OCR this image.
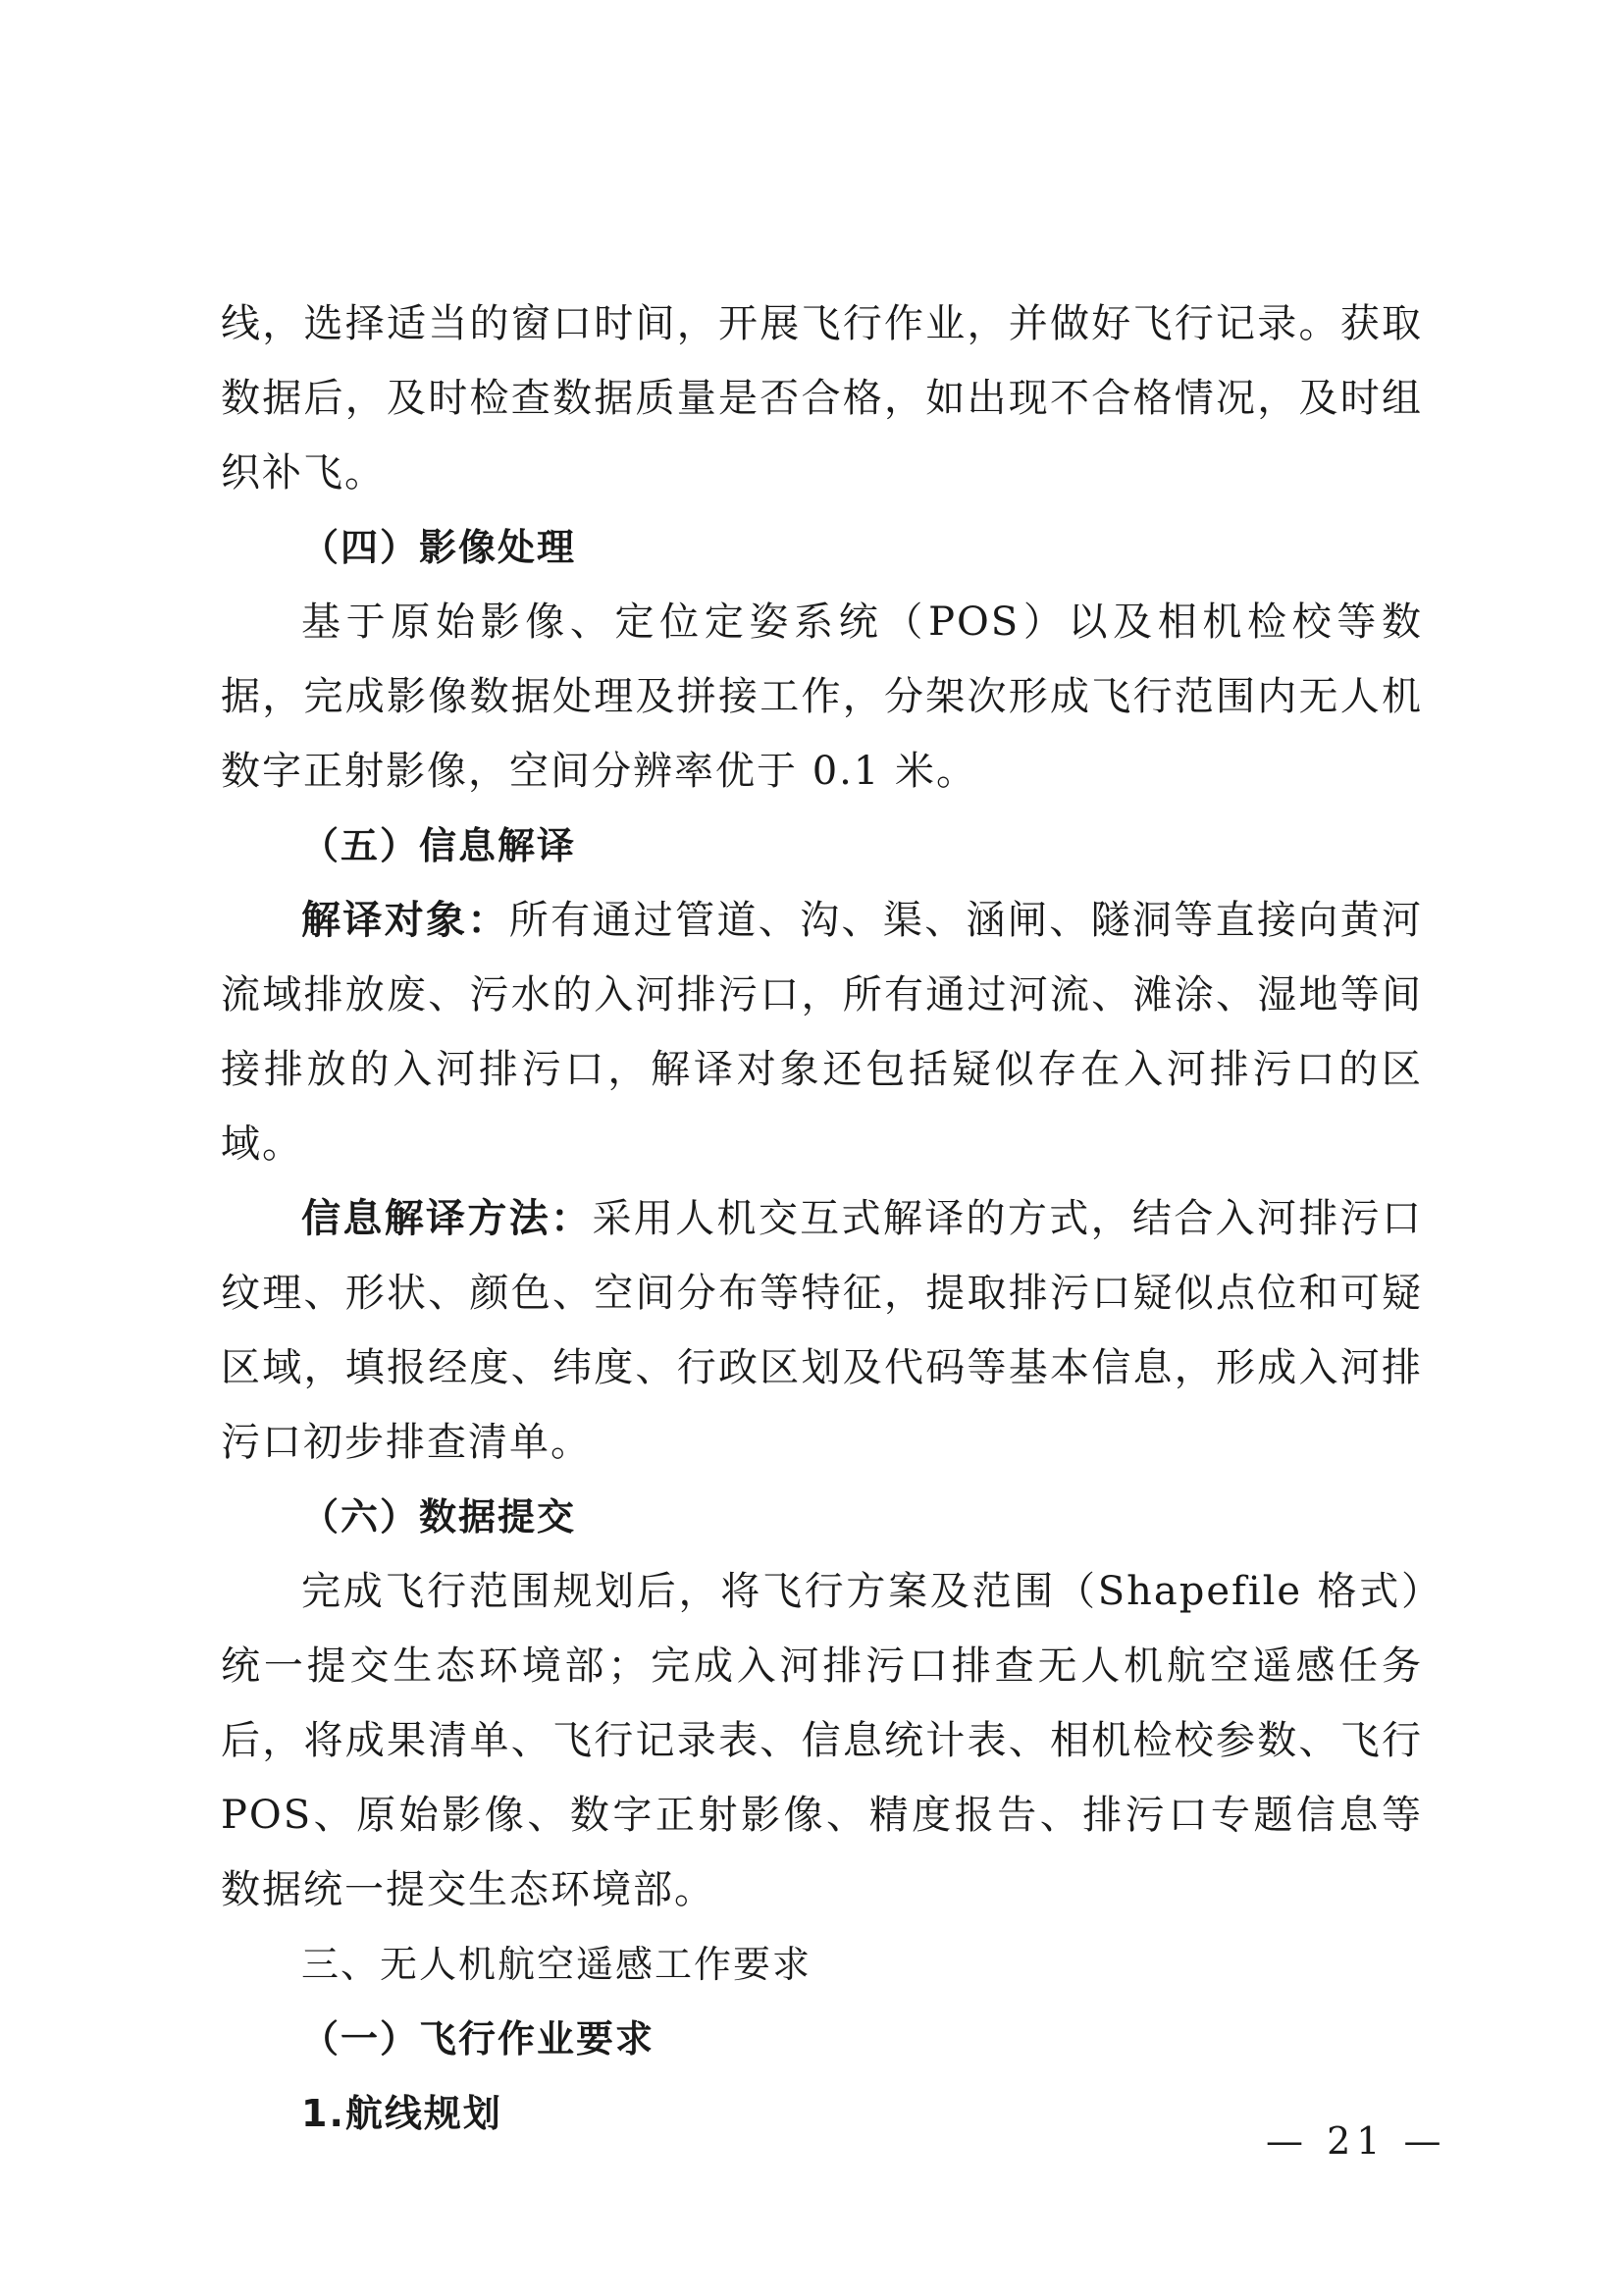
线，选择适当的窗口时间，开展飞行作业，并做好飞行记录。获取数据后，及时检查数据质量是否合格，如出现不合格情况，及时组织补飞。

（四）影像处理

基于原始影像、定位定姿系统（POS）以及相机检校等数据，完成影像数据处理及拼接工作，分架次形成飞行范围内无人机数字正射影像，空间分辨率优于 0.1 米。

（五）信息解译

解译对象：所有通过管道、沟、渠、涵闸、隧洞等直接向黄河流域排放废、污水的入河排污口，所有通过河流、滩涂、湿地等间接排放的入河排污口，解译对象还包括疑似存在入河排污口的区域。

信息解译方法：采用人机交互式解译的方式，结合入河排污口纹理、形状、颜色、空间分布等特征，提取排污口疑似点位和可疑区域，填报经度、纬度、行政区划及代码等基本信息，形成入河排污口初步排查清单。

（六）数据提交

完成飞行范围规划后，将飞行方案及范围（Shapefile 格式）统一提交生态环境部；完成入河排污口排查无人机航空遥感任务后，将成果清单、飞行记录表、信息统计表、相机检校参数、飞行 POS、原始影像、数字正射影像、精度报告、排污口专题信息等数据统一提交生态环境部。

三、无人机航空遥感工作要求

（一）飞行作业要求

1.航线规划

— 21 —
